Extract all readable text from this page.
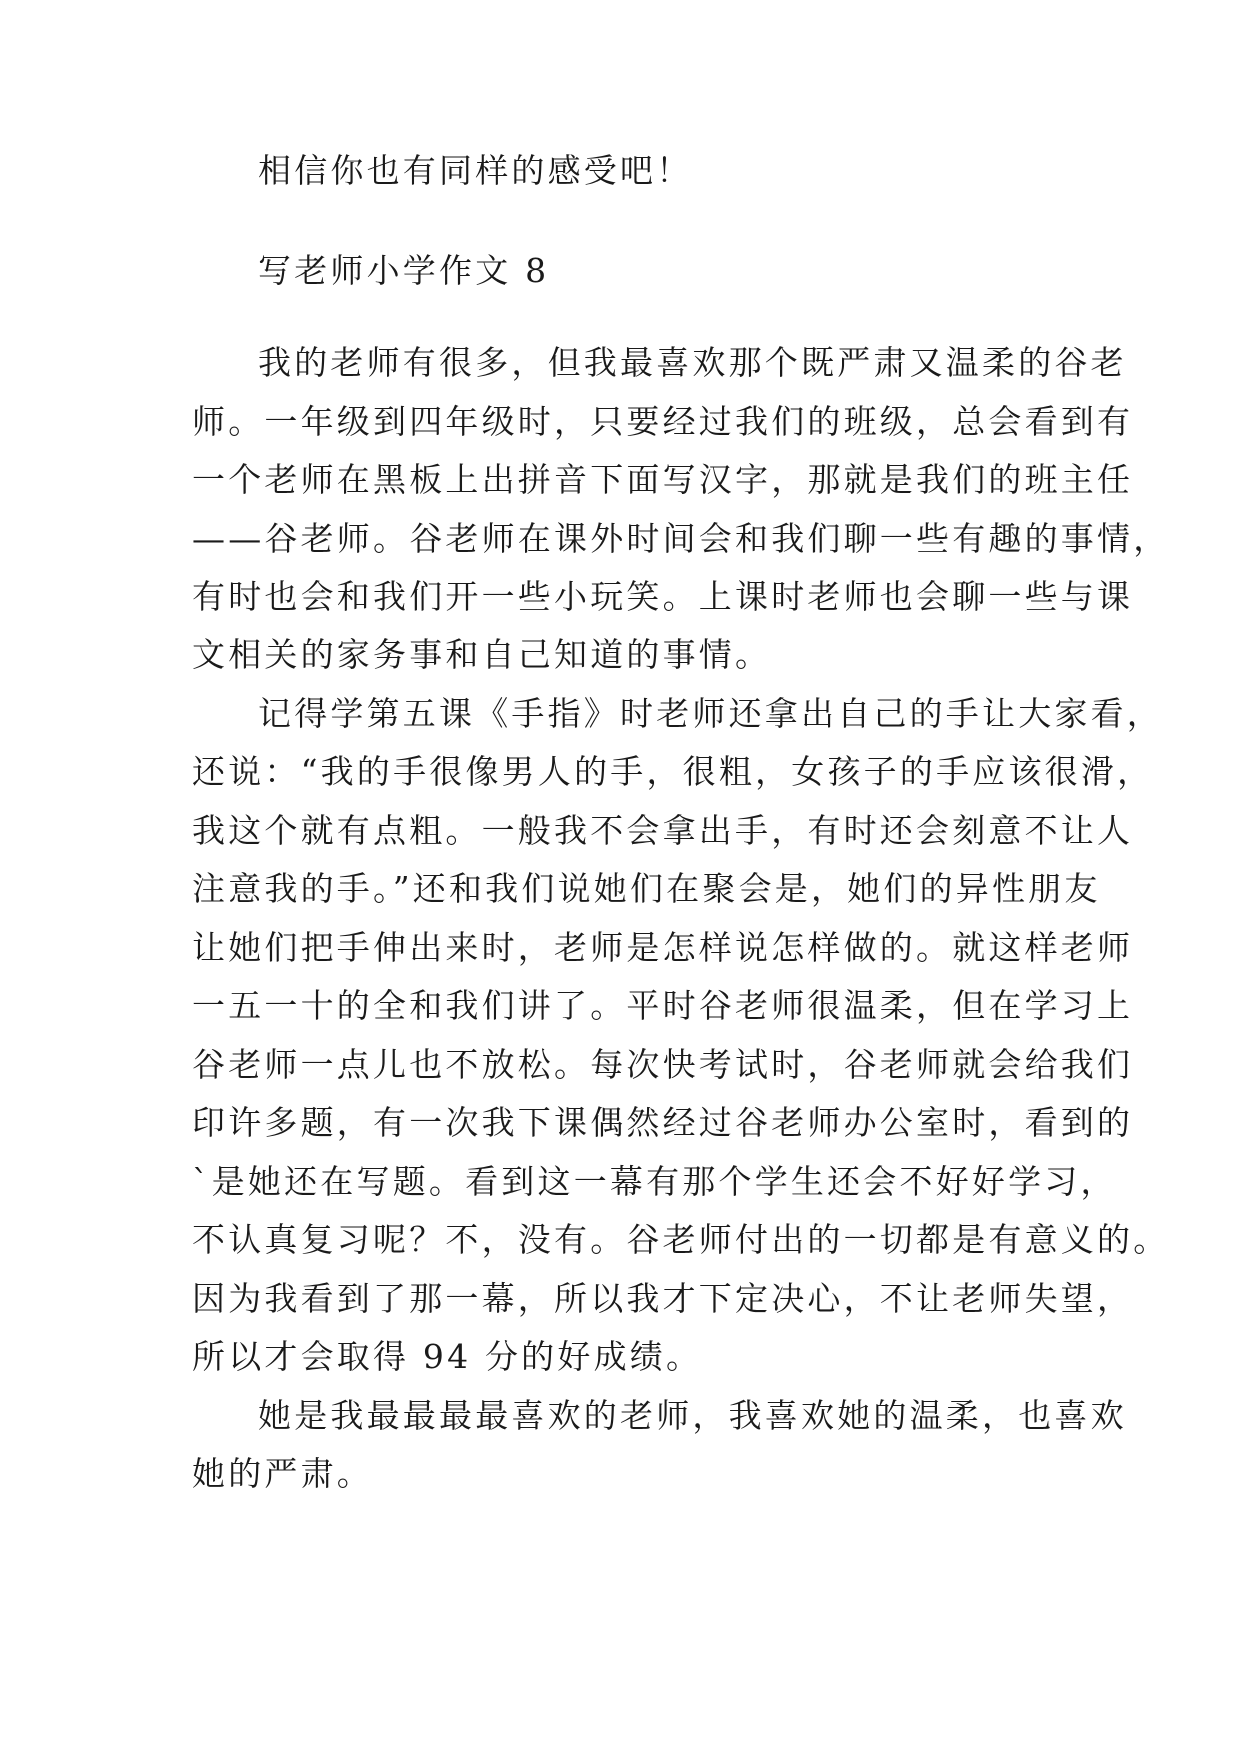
相信你也有同样的感受吧！
写老师小学作文 8
我的老师有很多，但我最喜欢那个既严肃又温柔的谷老
师。一年级到四年级时，只要经过我们的班级，总会看到有
一个老师在黑板上出拼音下面写汉字，那就是我们的班主任
——谷老师。谷老师在课外时间会和我们聊一些有趣的事情，
有时也会和我们开一些小玩笑。上课时老师也会聊一些与课
文相关的家务事和自己知道的事情。
记得学第五课《手指》时老师还拿出自己的手让大家看，
还说：“我的手很像男人的手，很粗，女孩子的手应该很滑，
我这个就有点粗。一般我不会拿出手，有时还会刻意不让人
注意我的手。”还和我们说她们在聚会是，她们的异性朋友
让她们把手伸出来时，老师是怎样说怎样做的。就这样老师
一五一十的全和我们讲了。平时谷老师很温柔，但在学习上
谷老师一点儿也不放松。每次快考试时，谷老师就会给我们
印许多题，有一次我下课偶然经过谷老师办公室时，看到的
`是她还在写题。看到这一幕有那个学生还会不好好学习，
不认真复习呢？不，没有。谷老师付出的一切都是有意义的。
因为我看到了那一幕，所以我才下定决心，不让老师失望，
所以才会取得 94 分的好成绩。
她是我最最最最喜欢的老师，我喜欢她的温柔，也喜欢
她的严肃。
